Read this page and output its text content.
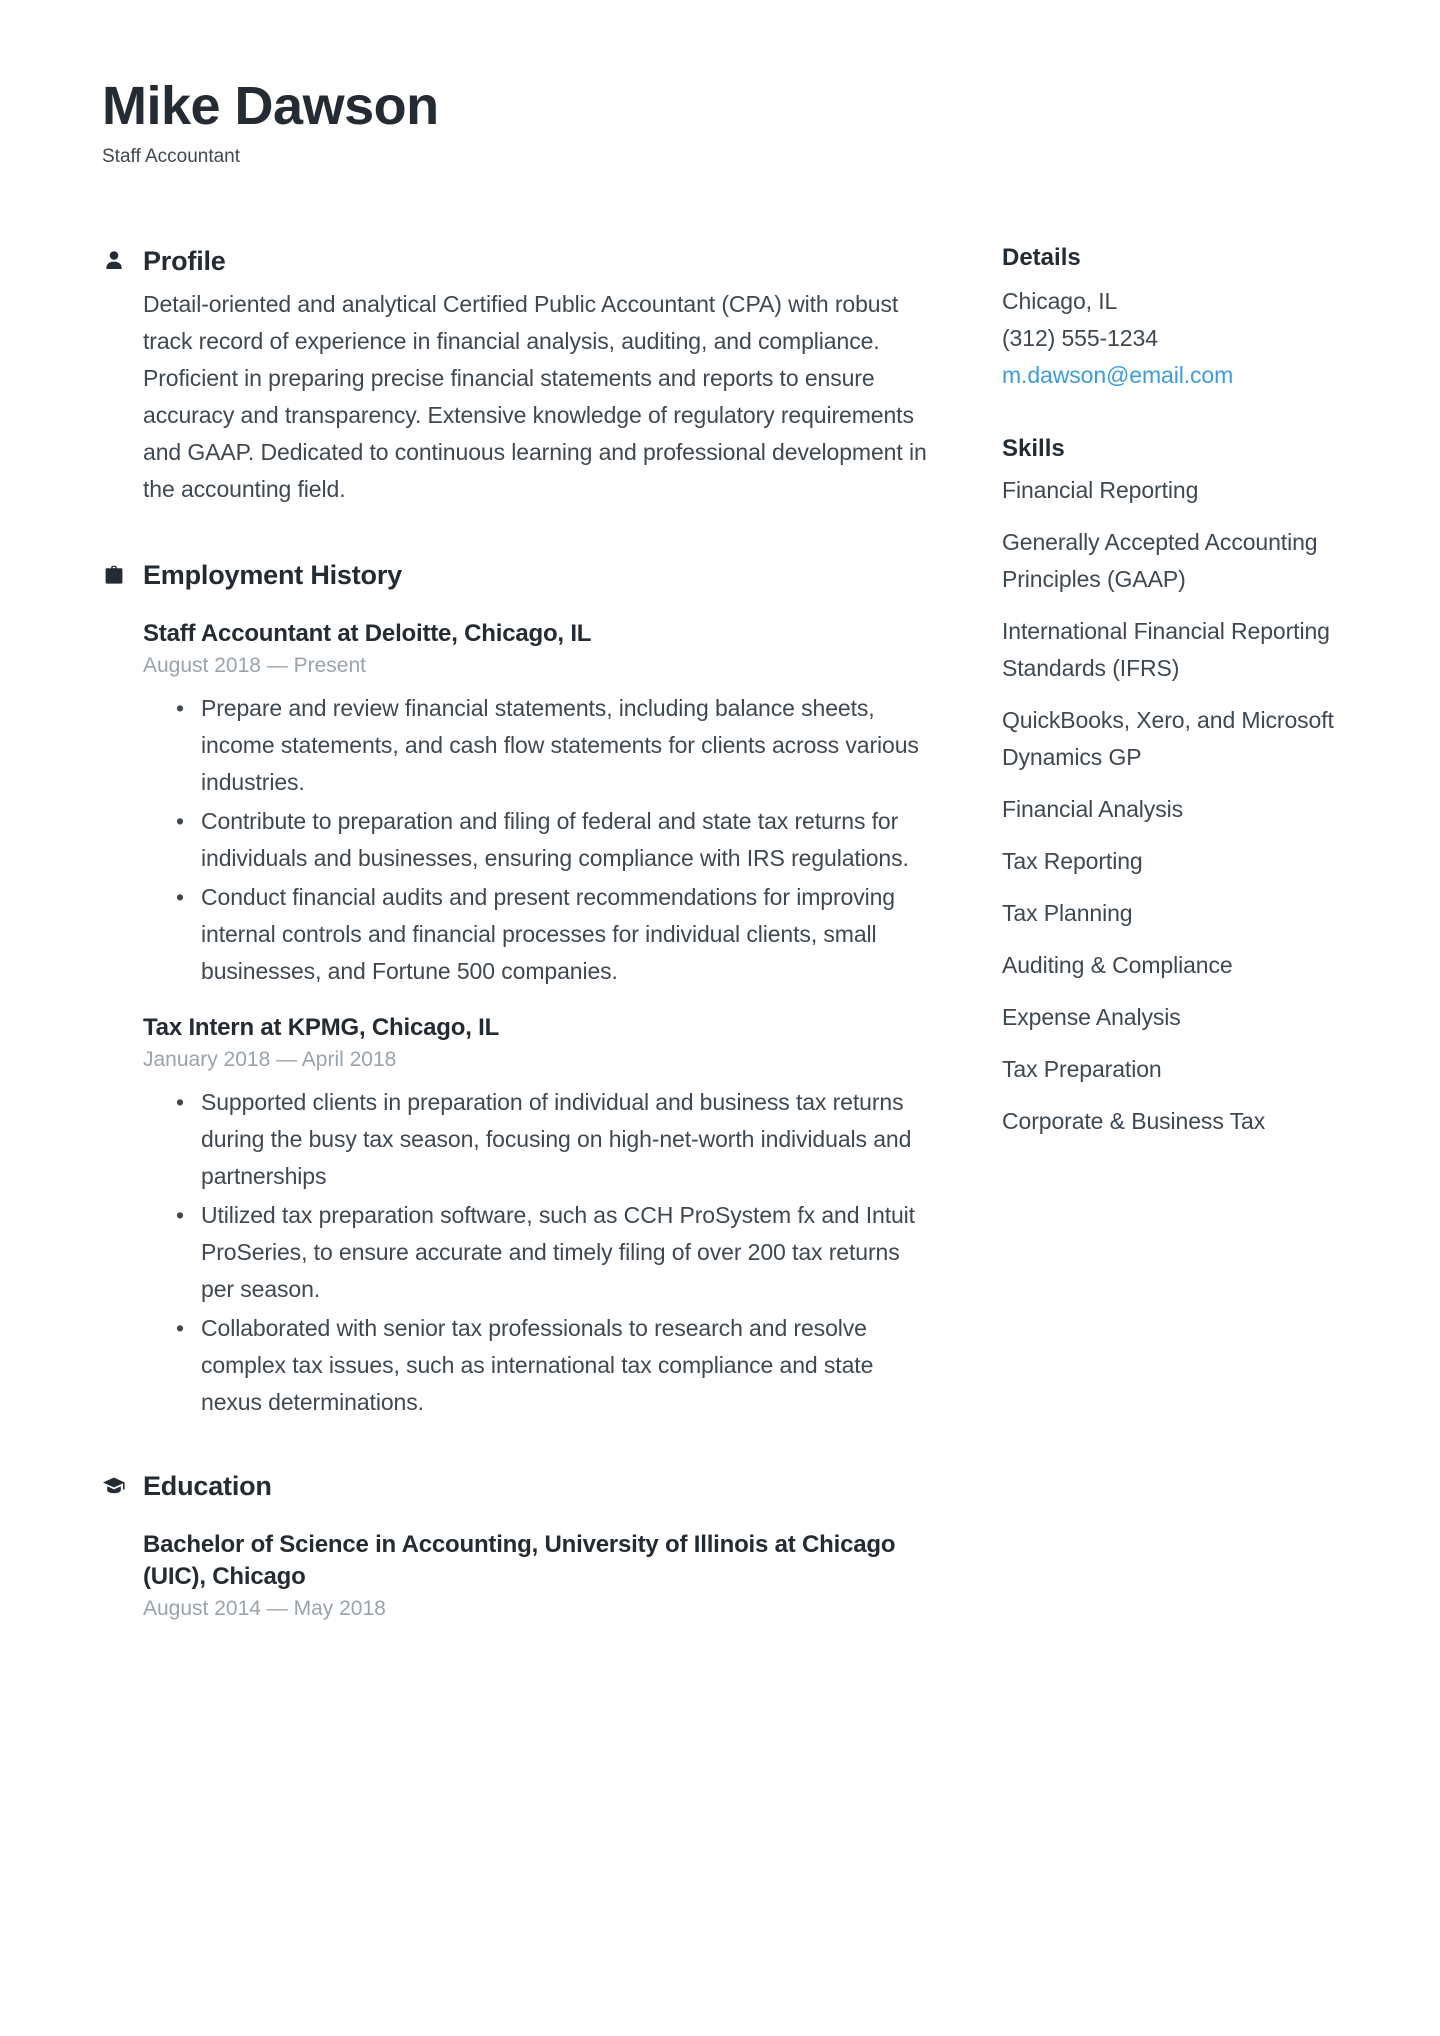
Mike Dawson
Staff Accountant
Profile

Detail-oriented and analytical Certified Public Accountant (CPA) with robust track record of experience in financial analysis, auditing, and compliance. Proficient in preparing precise financial statements and reports to ensure accuracy and transparency. Extensive knowledge of regulatory requirements and GAAP. Dedicated to continuous learning and professional development in the accounting field.

Employment History
Staff Accountant at Deloitte, Chicago, IL
August 2018 — Present
• Prepare and review financial statements, including balance sheets, income statements, and cash flow statements for clients across various industries.
• Contribute to preparation and filing of federal and state tax returns for individuals and businesses, ensuring compliance with IRS regulations.
• Conduct financial audits and present recommendations for improving internal controls and financial processes for individual clients, small businesses, and Fortune 500 companies.
Tax Intern at KPMG, Chicago, IL
January 2018 — April 2018
• Supported clients in preparation of individual and business tax returns during the busy tax season, focusing on high-net-worth individuals and partnerships
• Utilized tax preparation software, such as CCH ProSystem fx and Intuit ProSeries, to ensure accurate and timely filing of over 200 tax returns per season.
• Collaborated with senior tax professionals to research and resolve complex tax issues, such as international tax compliance and state nexus determinations.
Education
Bachelor of Science in Accounting, University of Illinois at Chicago (UIC), Chicago
August 2014 — May 2018
Details
Chicago, IL
(312) 555-1234
m.dawson@email.com
Skills
Financial Reporting
Generally Accepted Accounting Principles (GAAP)
International Financial Reporting Standards (IFRS)
QuickBooks, Xero, and Microsoft Dynamics GP
Financial Analysis
Tax Reporting
Tax Planning
Auditing & Compliance
Expense Analysis
Tax Preparation
Corporate & Business Tax
